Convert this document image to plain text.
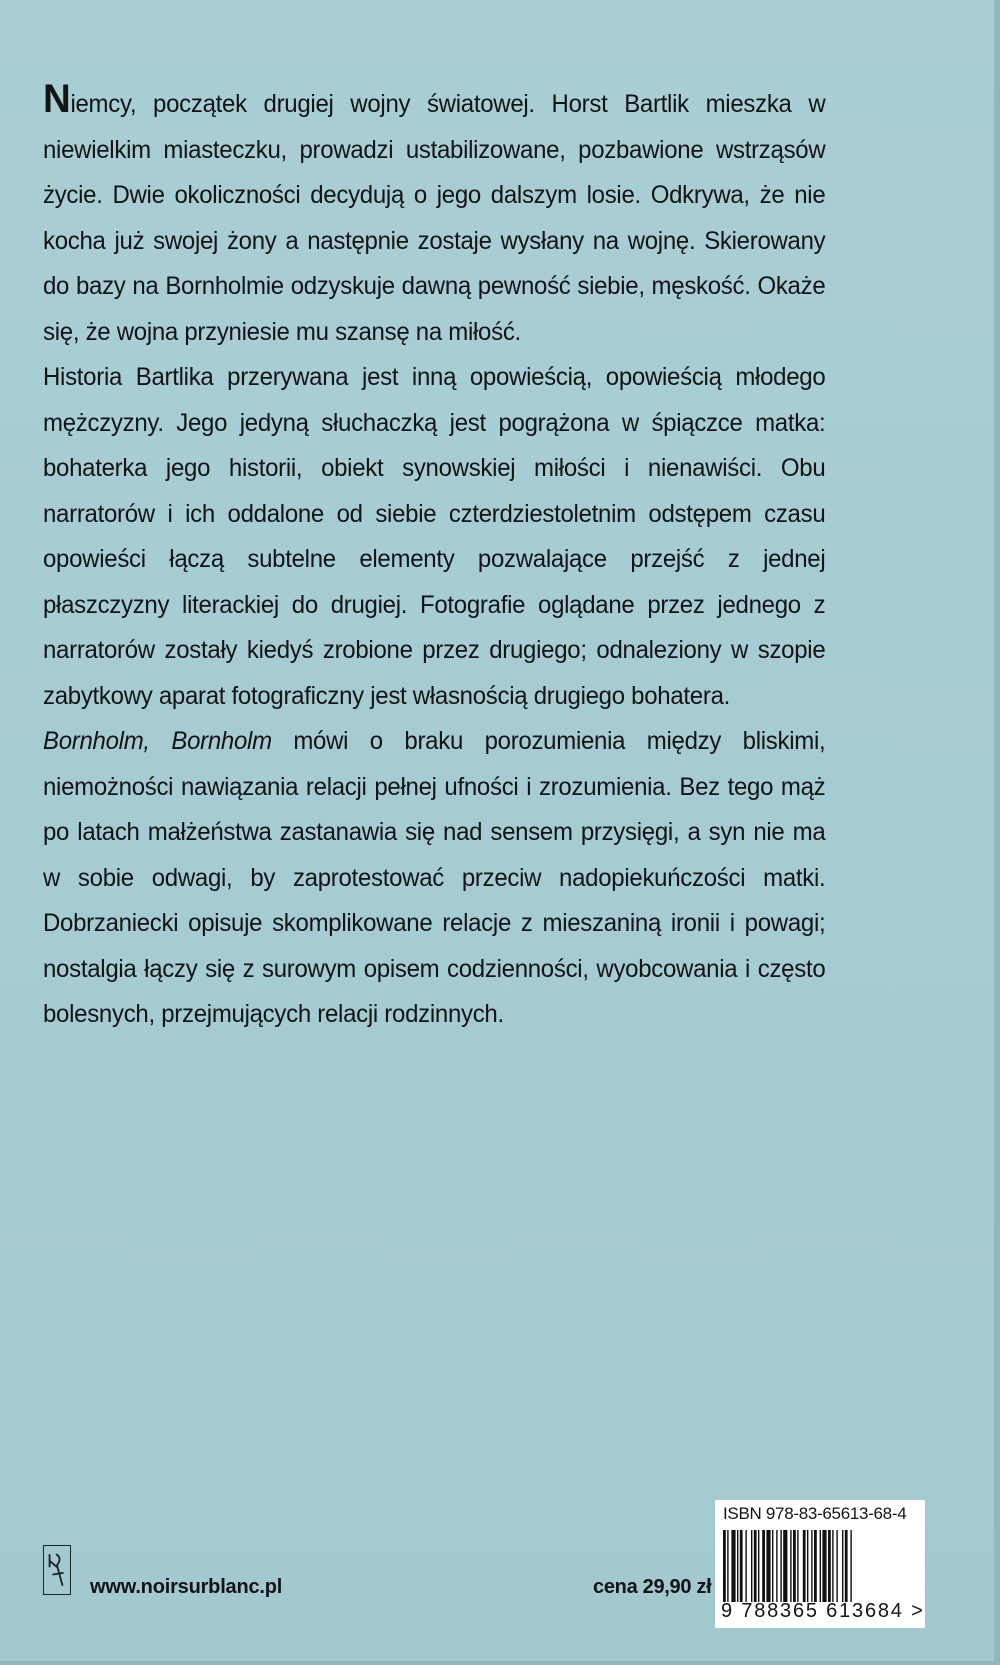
Niemcy, początek drugiej wojny światowej. Horst Bartlik mieszka w niewielkim miasteczku, prowadzi ustabilizowane, pozbawione wstrząsów życie. Dwie okoliczności decydują o jego dalszym losie. Odkrywa, że nie kocha już swojej żony a następnie zostaje wysłany na wojnę. Skierowany do bazy na Bornholmie odzyskuje dawną pewność siebie, męskość. Okaże się, że wojna przyniesie mu szansę na miłość.

Historia Bartlika przerywana jest inną opowieścią, opowieścią młodego mężczyzny. Jego jedyną słuchaczką jest pogrążona w śpiączce matka: bohaterka jego historii, obiekt synowskiej miłości i nienawiści. Obu narratorów i ich oddalone od siebie czterdziestoletnim odstępem czasu opowieści łączą subtelne elementy pozwalające przejść z jednej płaszczyzny literackiej do drugiej. Fotografie oglądane przez jednego z narratorów zostały kiedyś zrobione przez drugiego; odnaleziony w szopie zabytkowy aparat fotograficzny jest własnością drugiego bohatera.

Bornholm, Bornholm mówi o braku porozumienia między bliskimi, niemożności nawiązania relacji pełnej ufności i zrozumienia. Bez tego mąż po latach małżeństwa zastanawia się nad sensem przysięgi, a syn nie ma w sobie odwagi, by zaprotestować przeciw nadopiekuńczości matki. Dobrzaniecki opisuje skomplikowane relacje z mieszaniną ironii i powagi; nostalgia łączy się z surowym opisem codzienności, wyobcowania i często bolesnych, przejmujących relacji rodzinnych.

www.noirsurblanc.pl	cena 29,90 zł
ISBN 978-83-65613-68-4
9 788365 613684 >
